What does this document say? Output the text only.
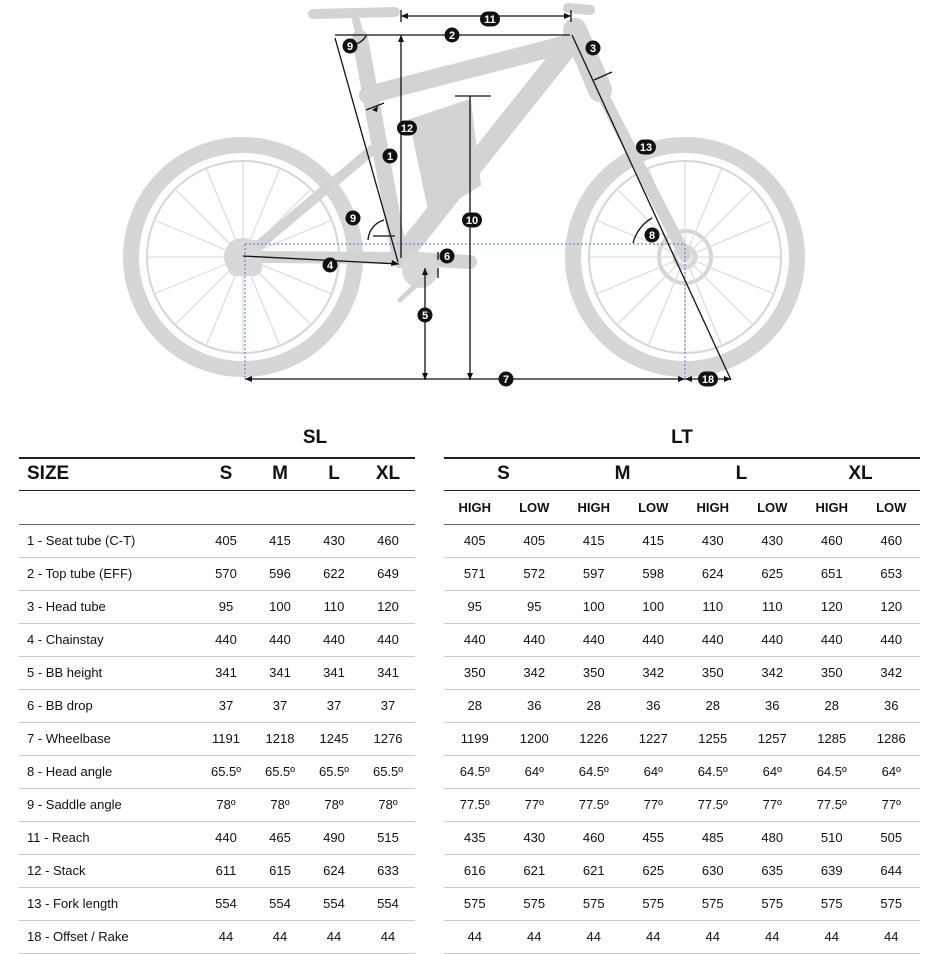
11
2
9	3
12
13
1
9	10
8
6
4
5
7	18
SL	LT
SIZE	S	M	L	XL

1 - Seat tube (C-T)	405	415	430	460
2 - Top tube (EFF)	570	596	622	649
3 - Head tube	95	100	110	120
4 - Chainstay	440	440	440	440
5 - BB height	341	341	341	341
6 - BB drop	37	37	37	37
7 - Wheelbase	1191	1218	1245	1276
8 - Head angle	65.5º	65.5º	65.5º	65.5º
9 - Saddle angle	78º	78º	78º	78º
11 - Reach	440	465	490	515
12 - Stack	611	615	624	633
13 - Fork length	554	554	554	554
18 - Offset / Rake	44	44	44	44
S		M		L		XL	
HIGH	LOW	HIGH	LOW	HIGH	LOW	HIGH	LOW
405	405	415	415	430	430	460	460
571	572	597	598	624	625	651	653
95	95	100	100	110	110	120	120
440	440	440	440	440	440	440	440
350	342	350	342	350	342	350	342
28	36	28	36	28	36	28	36
1199	1200	1226	1227	1255	1257	1285	1286
64.5º	64º	64.5º	64º	64.5º	64º	64.5º	64º
77.5º	77º	77.5º	77º	77.5º	77º	77.5º	77º
435	430	460	455	485	480	510	505
616	621	621	625	630	635	639	644
575	575	575	575	575	575	575	575
44	44	44	44	44	44	44	44
